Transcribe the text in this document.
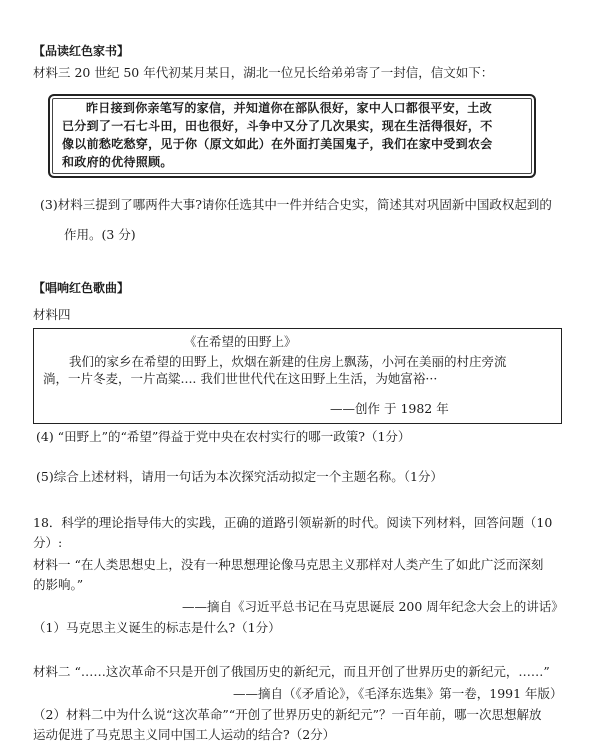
【品读红色家书】
材料三 20 世纪 50 年代初某月某日，湖北一位兄长给弟弟寄了一封信，信文如下：
昨日接到你亲笔写的家信，并知道你在部队很好，家中人口都很平安，土改
已分到了一石七斗田，田也很好，斗争中又分了几次果实，现在生活得很好，不
像以前愁吃愁穿，见于你（原文如此）在外面打美国鬼子，我们在家中受到农会
和政府的优待照顾。
(3)材料三提到了哪两件大事?请你任选其中一件并结合史实，简述其对巩固新中国政权起到的
作用。(3 分)
【唱响红色歌曲】
材料四
《在希望的田野上》
我们的家乡在希望的田野上，炊烟在新建的住房上飘荡，小河在美丽的村庄旁流
淌，一片冬麦，一片高粱.... 我们世世代代在这田野上生活，为她富裕···
——创作 于 1982 年
(4) “田野上”的“希望”得益于党中央在农村实行的哪一政策?（1分）
(5)综合上述材料，请用一句话为本次探究活动拟定一个主题名称。（1分）
18．科学的理论指导伟大的实践，正确的道路引领崭新的时代。阅读下列材料，回答问题（10
分）:
材料一 “在人类思想史上，没有一种思想理论像马克思主义那样对人类产生了如此广泛而深刻
的影响。”
——摘自《习近平总书记在马克思诞辰 200 周年纪念大会上的讲话》
（1）马克思主义诞生的标志是什么?（1分）
材料二 “……这次革命不只是开创了俄国历史的新纪元，而且开创了世界历史的新纪元，……”
——摘自（《矛盾论》，《毛泽东选集》第一卷，1991 年版）
（2）材料二中为什么说“这次革命”“开创了世界历史的新纪元”？一百年前，哪一次思想解放
运动促进了马克思主义同中国工人运动的结合?（2分）
